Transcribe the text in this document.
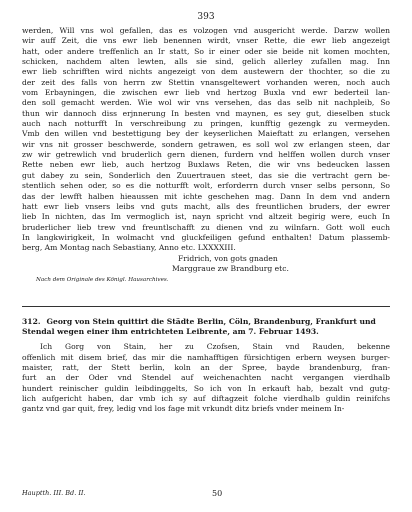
393
werden, Will vns wol gefallen, das es volzogen vnd ausgericht werde. Darzw wollen
wir auff Zeit, die vns ewr lieb benennen wirdt, vnser Rette, die ewr lieb angezeigt
hatt, oder andere treffenlich an Ir statt, So ir einer oder sie beide nit komen mochten,
schicken, nachdem alten lewten, alls sie sind, gelich allerley zufallen mag. Inn
ewr lieb schrifften wird nichts angezeigt von dem austewern der thochter, so die zu
der zeit des falls von herrn zw Stettin vnansgeltewert vorhanden weren, noch auch
vom Erbayningen, die zwischen ewr lieb vnd hertzog Buxla vnd ewr bederteil lan-
den soll gemacht werden. Wie wol wir vns versehen, das das selb nit nachpleib, So
thun wir dannoch diss erjnnerung In besten vnd maynen, es sey gut, dieselben stuck
auch nach notturfft In verschreibung zu pringen, kunfftig gezengk zu vermeyden.
Vmb den willen vnd bestettigung bey der keyserlichen Maieftatt zu erlangen, versehen
wir vns nit grosser beschwerde, sondern getrawen, es soll wol zw erlangen steen, dar
zw wir getrewlich vnd bruderlich gern dienen, furdern vnd helffen wollen durch vnser
Rette neben ewr lieb, auch hertzog Buxlaws Reten, die wir vns bedeucken lassen
gut dabey zu sein, Sonderlich den Zuuertrauen steet, das sie die vertracht gern be-
stentlich sehen oder, so es die notturfft wolt, erforderrn durch vnser selbs personn, So
das der lewfft halben hieaussen mit ichte geschehen mag. Dann In dem vnd andern
hatt ewr lieb vnsers leibs vnd guts macht, alls des freuntlichen bruders, der ewrer
lieb In nichten, das Im vermoglich ist, nayn spricht vnd altzeit begirig were, euch In
bruderlicher lieb trew vnd freuntlschafft zu dienen vnd zu wilnfarn. Gott woll euch
In langkwirigkeit, In wolmacht vnd gluckfeiligen gefund enthalten! Datum plassemb-
berg, Am Montag nach Sebastiany, Anno etc. LXXXXIII.
Fridrich, von gots gnaden
Marggraue zw Brandburg etc.
Nach dem Originale des Königl. Hausarchives.
312. Georg von Stein quittirt die Städte Berlin, Cöln, Brandenburg, Frankfurt und Stendal wegen einer ihm entrichteten Leibrente, am 7. Februar 1493.
Ich Gorg von Stain, her zu Czofsen, Stain vnd Rauden, bekenne
offenlich mit disem brief, das mir die namhafftigen fürsichtigen erbern weysen burger-
maister, ratt, der Stett berlin, koln an der Spree, bayde brandenburg, fran-
furt an der Oder vnd Stendel auf weichenachten nacht vergangen vierdhalb
hundert reinischer guldin leibdinggelts, So ich von In erkauft hab, bezalt vnd gutg-
lich aufgericht haben, dar vmb ich sy auf diftagzeit folche vierdhalb guldin reinifchs
gantz vnd gar quit, frey, ledig vnd los fage mit vrkundt ditz briefs vnder meinem In-
Hauptth. III. Bd. II.	50
